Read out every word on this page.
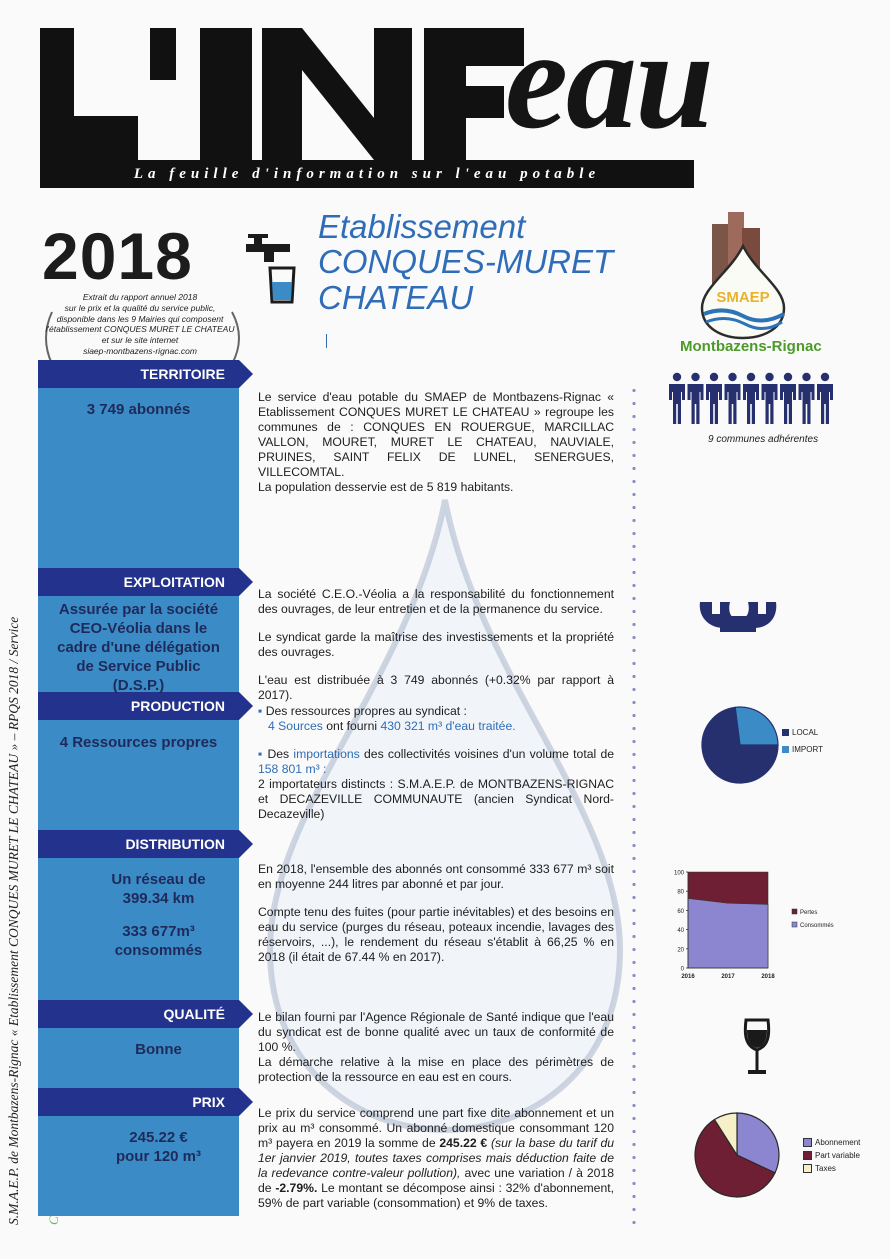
eau
La feuille d'information sur l'eau potable
2018	Etablissement
CONQUES-MURET
CHATEAU
Extrait du rapport annuel 2018
sur le prix et la qualité du service public,
disponible dans les 9 Mairies qui composent
l'établissement CONQUES MURET LE CHATEAU
et sur le site internet
siaep-montbazens-rignac.com
SMAEP
Montbazens-Rignac
S.M.A.E.P. de Montbazens-Rignac « Etablissement CONQUES MURET LE CHATEAU » – RPQS 2018 / Service
TERRITOIRE
3 749 abonnés
EXPLOITATION
Assurée par la société
CEO-Véolia dans le
cadre d'une délégation
de Service Public
(D.S.P.)
PRODUCTION
4 Ressources propres
DISTRIBUTION
Un réseau de
399.34 km
333 677m³
consommés
QUALITÉ
Bonne
PRIX
245.22 €
pour 120 m³
Le service d'eau potable du SMAEP de Montbazens-Rignac « Etablissement CONQUES MURET LE CHATEAU » regroupe les communes de : CONQUES EN ROUERGUE, MARCILLAC VALLON, MOURET, MURET LE CHATEAU, NAUVIALE, PRUINES, SAINT FELIX DE LUNEL, SENERGUES, VILLECOMTAL.
La population desservie est de 5 819 habitants.
La société C.E.O.-Véolia a la responsabilité du fonctionnement des ouvrages, de leur entretien et de la permanence du service.
Le syndicat garde la maîtrise des investissements et la propriété des ouvrages.
L'eau est distribuée à 3 749 abonnés (+0.32% par rapport à 2017).
▪ Des ressources propres au syndicat :
4 Sources ont fourni 430 321 m³ d'eau traitée.
▪ Des importations des collectivités voisines d'un volume total de 158 801 m³ :
2 importateurs distincts : S.M.A.E.P. de MONTBAZENS-RIGNAC et DECAZEVILLE COMMUNAUTE (ancien Syndicat Nord-Decazeville)
En 2018, l'ensemble des abonnés ont consommé 333 677 m³ soit en moyenne 244 litres par abonné et par jour.
Compte tenu des fuites (pour partie inévitables) et des besoins en eau du service (purges du réseau, poteaux incendie, lavages des réservoirs, ...), le rendement du réseau s'établit à 66,25 % en 2018 (il était de 67.44 % en 2017).
Le bilan fourni par l'Agence Régionale de Santé indique que l'eau du syndicat est de bonne qualité avec un taux de conformité de 100 %.
La démarche relative à la mise en place des périmètres de protection de la ressource en eau est en cours.
Le prix du service comprend une part fixe dite abonnement et un prix au m³ consommé. Un abonné domestique consommant 120 m³ payera en 2019 la somme de 245.22 € (sur la base du tarif du 1er janvier 2019, toutes taxes comprises mais déduction faite de la redevance contre-valeur pollution), avec une variation / à 2018 de -2.79%. Le montant se décompose ainsi : 32% d'abonnement, 59% de part variable (consommation) et 9% de taxes.
9 communes adhérentes
LOCAL
IMPORT
0
20
40
60
80
100
2016	2017	2018
Pertes
Consommés
Abonnement
Part variable
Taxes
